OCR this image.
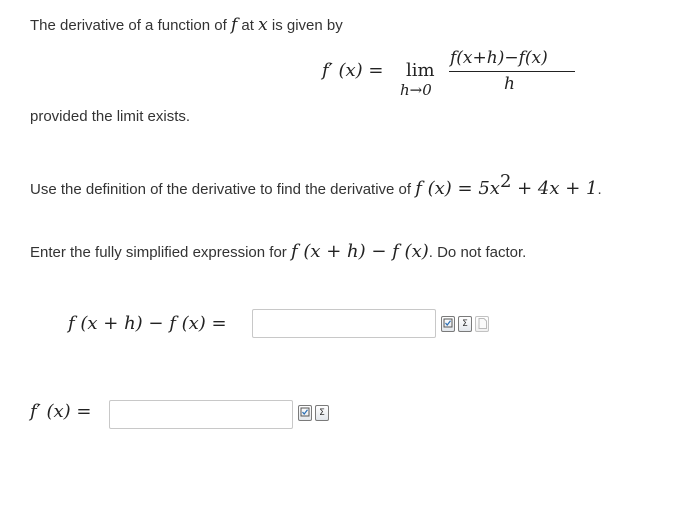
The derivative of a function of f at x is given by
f′ (x) = lim
h→0
f(x+h)−f(x)
h
provided the limit exists.
Use the definition of the derivative to find the derivative of f $(x) = 5x^2 + 4x + 1$.
Enter the fully simplified expression for f (x + h) − f (x). Do not factor.
f (x + h) − f (x) =	Σ
f′ (x) =	Σ
